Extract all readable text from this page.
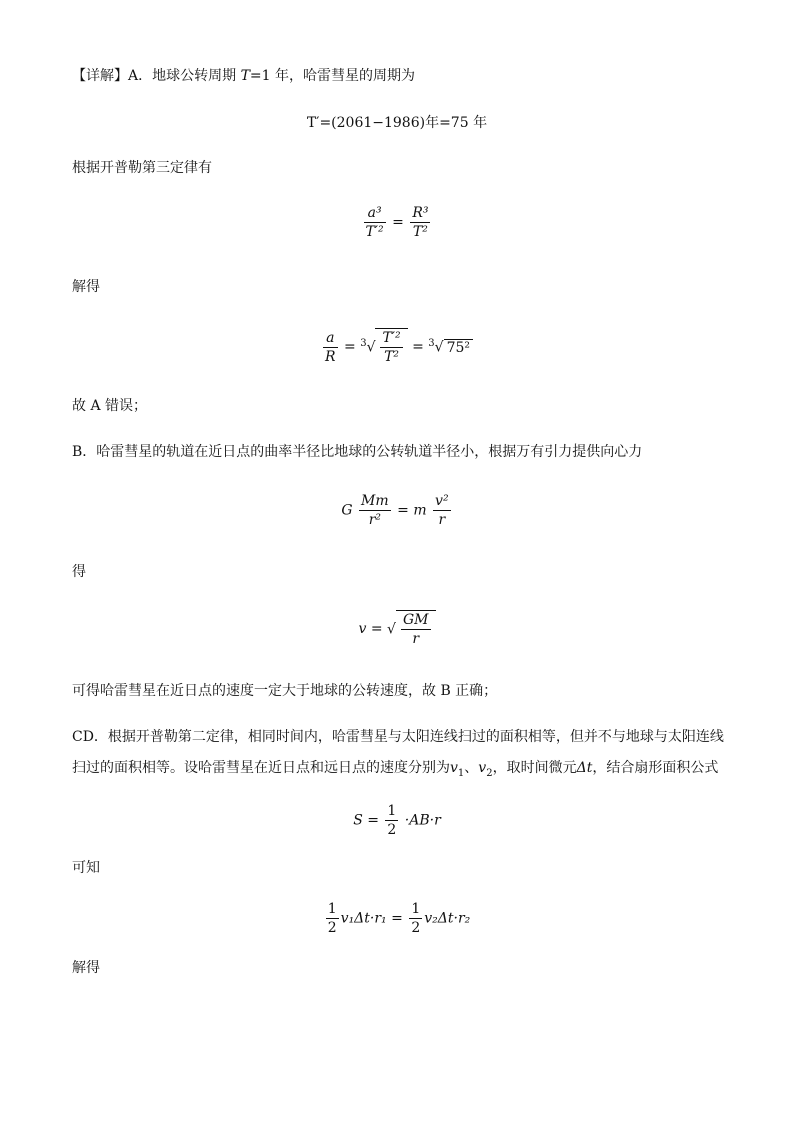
【详解】A．地球公转周期 T=1 年，哈雷彗星的周期为
T′=(2061−1986)年=75 年
根据开普勒第三定律有
$\frac{\text{a³}}{\text{T′²}} = \frac{\text{R³}}{\text{T²}}$
解得
$\frac{a}{R} = ^3√ \frac{\text{T′²}}{\text{T²}} = ^3√$ 75²
故 A 错误；
B．哈雷彗星的轨道在近日点的曲率半径比地球的公转轨道半径小，根据万有引力提供向心力
G $\frac{Mm}{\text{r²}} = m \frac{\text{v²}}{r}$
得
v = √ $\frac{GM}{r}$
可得哈雷彗星在近日点的速度一定大于地球的公转速度，故 B 正确；
CD．根据开普勒第二定律，相同时间内，哈雷彗星与太阳连线扫过的面积相等，但并不与地球与太阳连线
扫过的面积相等。设哈雷彗星在近日点和远日点的速度分别为$v_1$、$v_2$，取时间微元Δt，结合扇形面积公式
$S = \frac{1}{2} \cdot AB\cdot r$
可知
$\frac{1}{2} v_1\Delta t\cdot r_1 = \frac{1}{2} v_2\Delta t\cdot r_2$
解得
